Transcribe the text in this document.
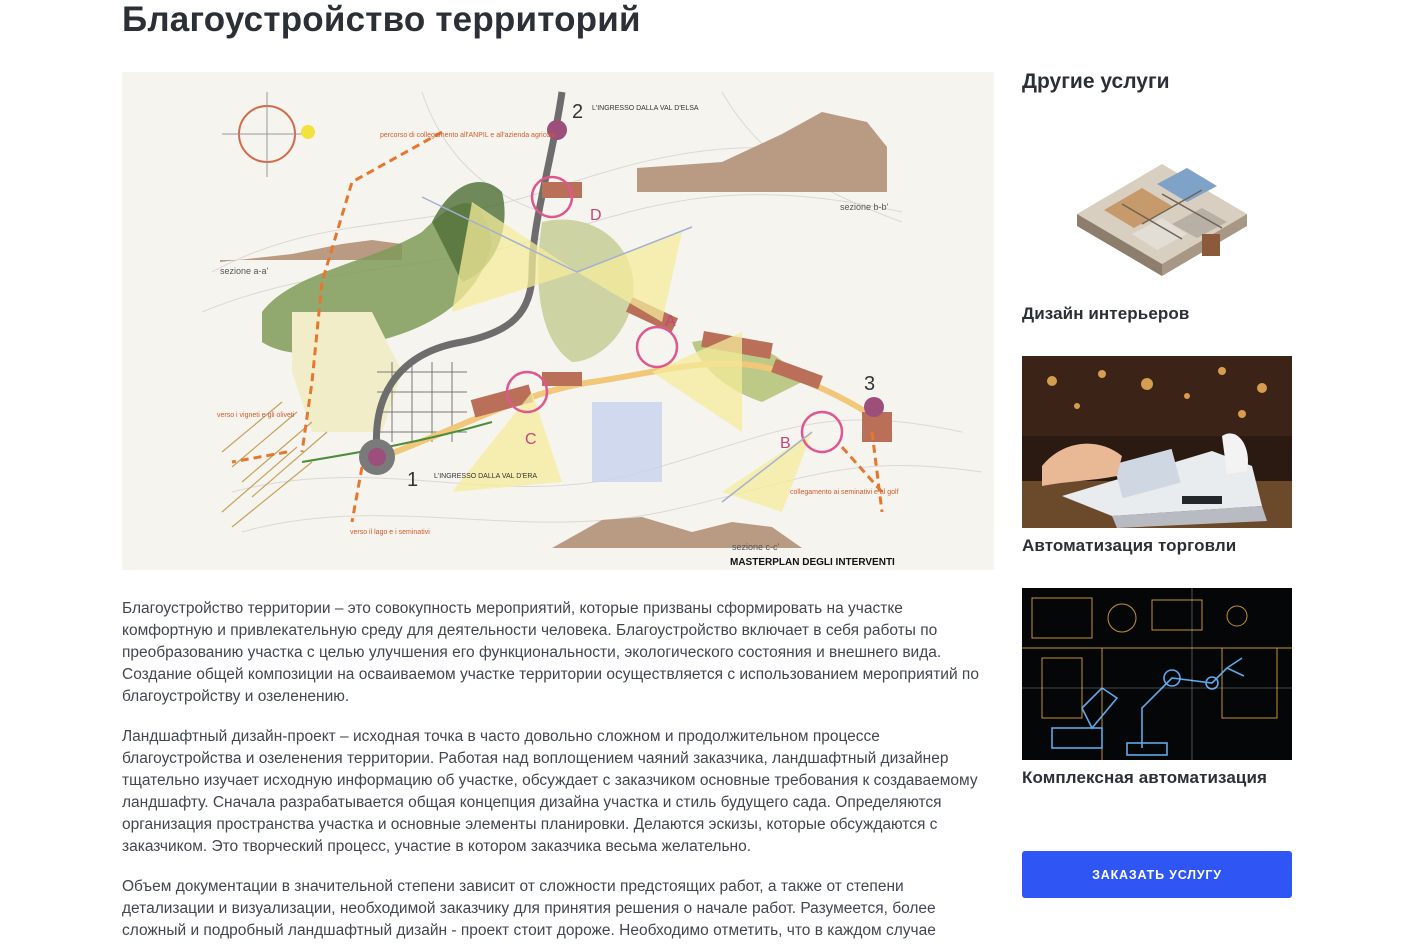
Благоустройство территорий
sezione a-a'
sezione b-b'
sezione c-c'
percorso di collegamento all'ANPIL e all'azienda agricola
verso i vigneti e gli oliveti
verso il lago e i seminativi
collegamento ai seminativi e al golf
L'INGRESSO DALLA VAL D'ERA
L'INGRESSO DALLA VAL D'ELSA
1
2
3
A
B
C
D
MASTERPLAN DEGLI INTERVENTI

Благоустройство территории – это совокупность мероприятий, которые призваны сформировать на участке комфортную и привлекательную среду для деятельности человека. Благоустройство включает в себя работы по преобразованию участка с целью улучшения его функциональности, экологического состояния и внешнего вида. Создание общей композиции на осваиваемом участке территории осуществляется с использованием мероприятий по благоустройству и озеленению.

Ландшафтный дизайн-проект – исходная точка в часто довольно сложном и продолжительном процессе благоустройства и озеленения территории. Работая над воплощением чаяний заказчика, ландшафтный дизайнер тщательно изучает исходную информацию об участке, обсуждает с заказчиком основные требования к создаваемому ландшафту. Сначала разрабатывается общая концепция дизайна участка и стиль будущего сада. Определяются организация пространства участка и основные элементы планировки. Делаются эскизы, которые обсуждаются с заказчиком. Это творческий процесс, участие в котором заказчика весьма желательно.

Объем документации в значительной степени зависит от сложности предстоящих работ, а также от степени детализации и визуализации, необходимой заказчику для принятия решения о начале работ. Разумеется, более сложный и подробный ландшафтный дизайн - проект стоит дороже. Необходимо отметить, что в каждом случае

Другие услуги
Дизайн интерьеров
Автоматизация торговли
Комплексная автоматизация
ЗАКАЗАТЬ УСЛУГУ
